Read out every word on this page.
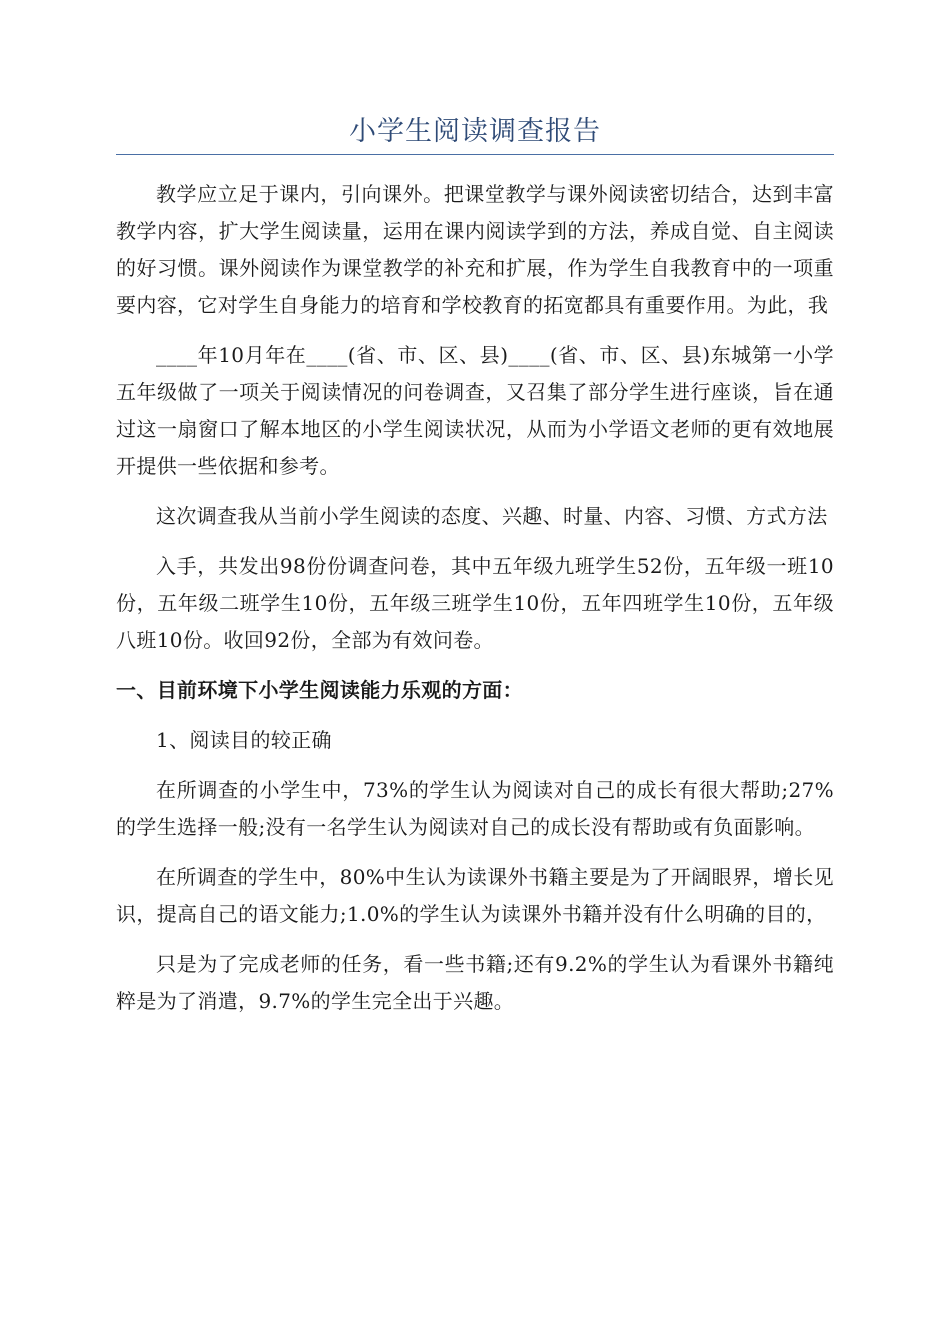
小学生阅读调查报告

教学应立足于课内，引向课外。把课堂教学与课外阅读密切结合，达到丰富教学内容，扩大学生阅读量，运用在课内阅读学到的方法，养成自觉、自主阅读的好习惯。课外阅读作为课堂教学的补充和扩展，作为学生自我教育中的一项重要内容，它对学生自身能力的培育和学校教育的拓宽都具有重要作用。为此，我

____年10月年在____(省、市、区、县)____(省、市、区、县)东城第一小学五年级做了一项关于阅读情况的问卷调查，又召集了部分学生进行座谈，旨在通过这一扇窗口了解本地区的小学生阅读状况，从而为小学语文老师的更有效地展开提供一些依据和参考。

这次调查我从当前小学生阅读的态度、兴趣、时量、内容、习惯、方式方法

入手，共发出98份份调查问卷，其中五年级九班学生52份，五年级一班10份，五年级二班学生10份，五年级三班学生10份，五年四班学生10份，五年级八班10份。收回92份，全部为有效问卷。

一、目前环境下小学生阅读能力乐观的方面：

1、阅读目的较正确

在所调查的小学生中，73%的学生认为阅读对自己的成长有很大帮助;27%的学生选择一般;没有一名学生认为阅读对自己的成长没有帮助或有负面影响。

在所调查的学生中，80%中生认为读课外书籍主要是为了开阔眼界，增长见识，提高自己的语文能力;1.0%的学生认为读课外书籍并没有什么明确的目的，

只是为了完成老师的任务，看一些书籍;还有9.2%的学生认为看课外书籍纯粹是为了消遣，9.7%的学生完全出于兴趣。
